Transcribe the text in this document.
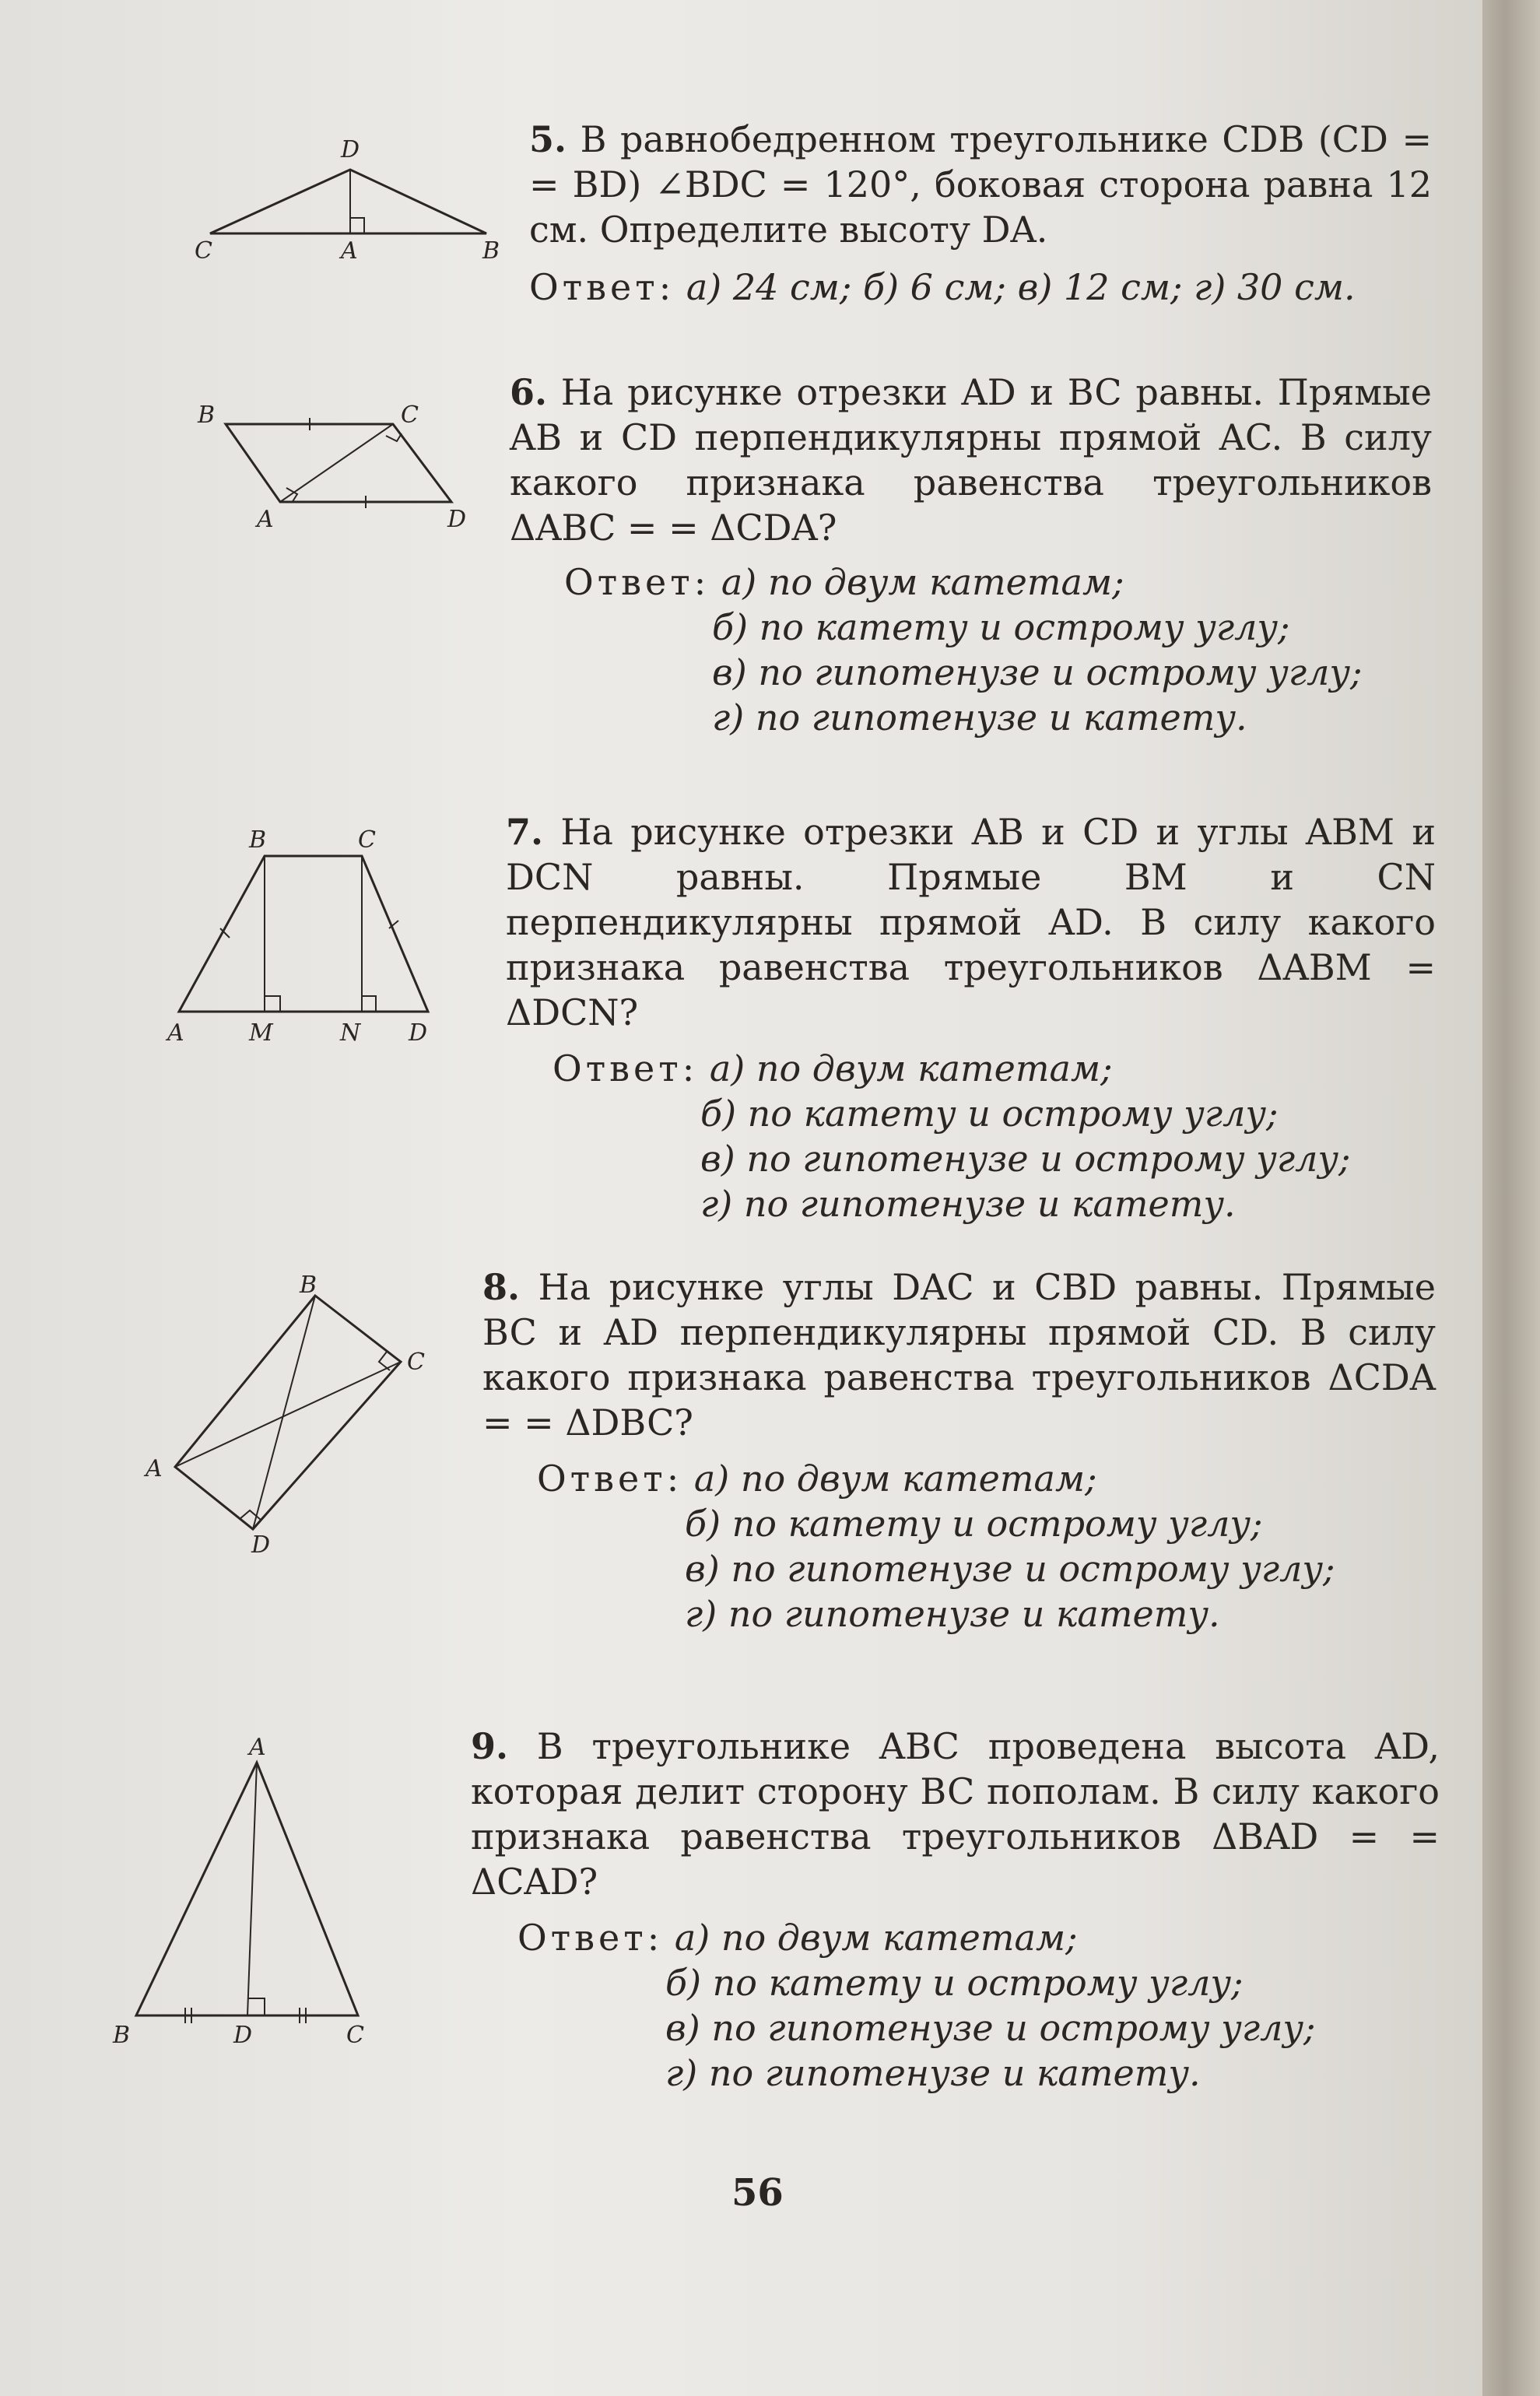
D
C	A	B
5. В равнобедренном треугольнике CDB (CD = = BD) ∠BDC = 120°, боковая сторона равна 12 см. Определите высоту DA.
Ответ: а) 24 см; б) 6 см; в) 12 см; г) 30 см.
B	C
A	D
6. На рисунке отрезки AD и BC равны. Прямые AB и CD перпендикулярны прямой AC. В силу какого признака равенства треугольников ΔABC = = ΔCDA?
Ответ: а) по двум катетам;
б) по катету и острому углу;
в) по гипотенузе и острому углу;
г) по гипотенузе и катету.
B	C
A	M	N D
7. На рисунке отрезки AB и CD и углы ABM и DCN равны. Прямые BM и CN перпендикулярны прямой AD. В силу какого признака равенства треугольников ΔABM = ΔDCN?
Ответ: а) по двум катетам;
б) по катету и острому углу;
в) по гипотенузе и острому углу;
г) по гипотенузе и катету.
B
C
A
D
8. На рисунке углы DAC и CBD равны. Прямые BC и AD перпендикулярны прямой CD. В силу какого признака равенства треугольников ΔCDA = = ΔDBC?
Ответ: а) по двум катетам;
б) по катету и острому углу;
в) по гипотенузе и острому углу;
г) по гипотенузе и катету.
A
B	D	C
9. В треугольнике ABC проведена высота AD, которая делит сторону BC пополам. В силу какого признака равенства треугольников ΔBAD = = ΔCAD?
Ответ: а) по двум катетам;
б) по катету и острому углу;
в) по гипотенузе и острому углу;
г) по гипотенузе и катету.
56
